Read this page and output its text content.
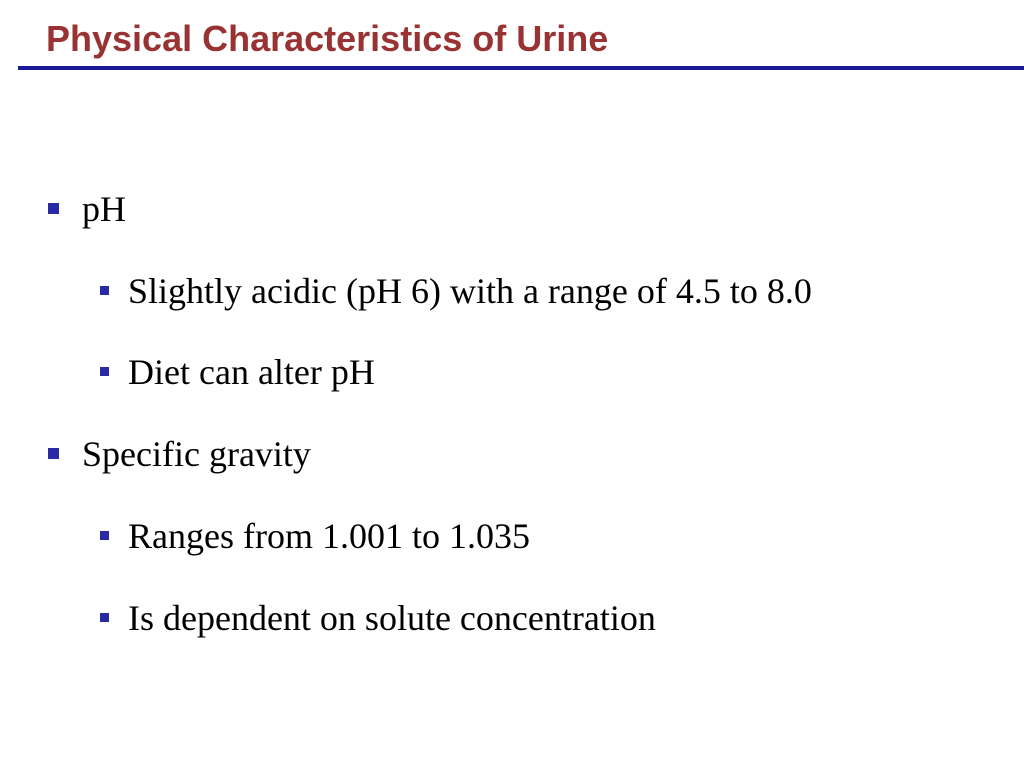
Physical Characteristics of Urine
pH
Slightly acidic (pH 6) with a range of 4.5 to 8.0
Diet can alter pH
Specific gravity
Ranges from 1.001 to 1.035
Is dependent on solute concentration
